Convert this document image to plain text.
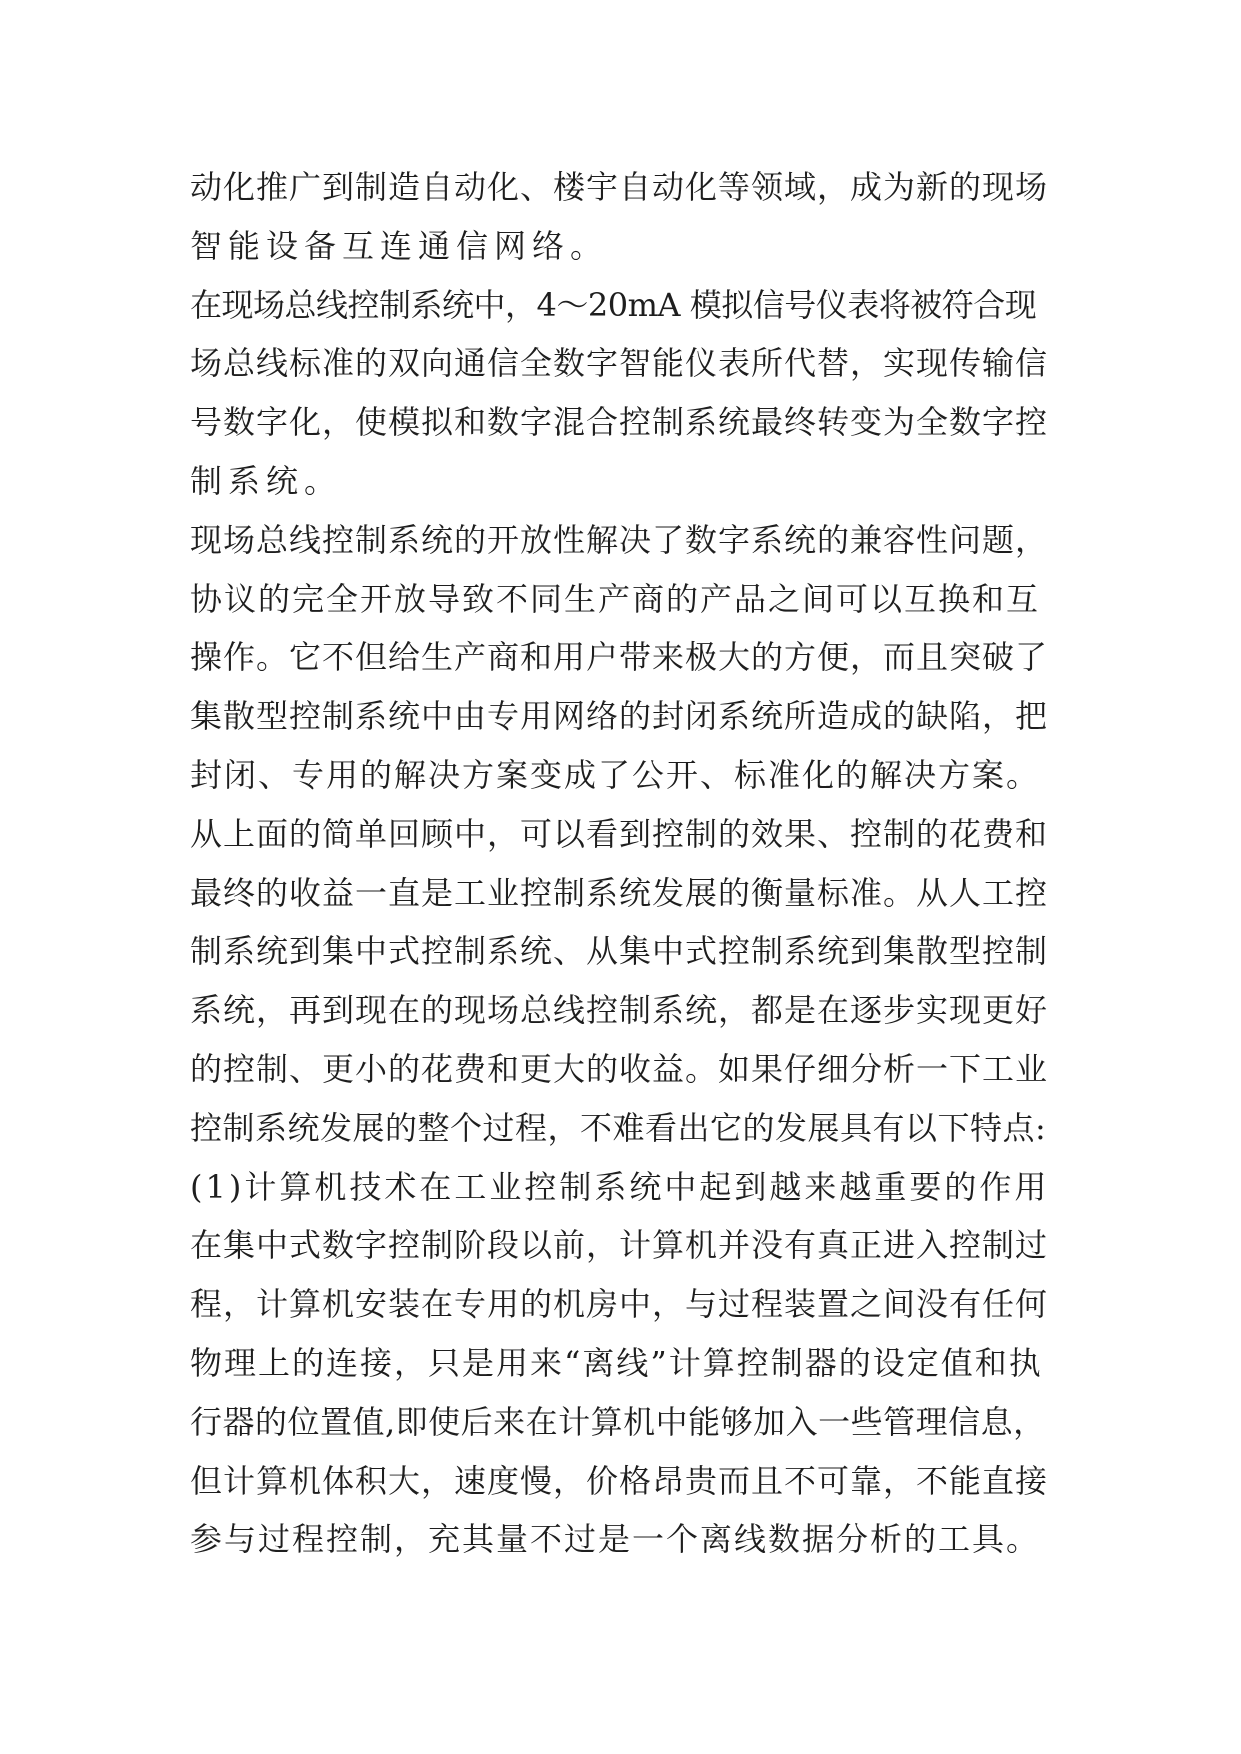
动化推广到制造自动化、楼宇自动化等领域，成为新的现场
智能设备互连通信网络。
在现场总线控制系统中，4～20mA 模拟信号仪表将被符合现
场总线标准的双向通信全数字智能仪表所代替，实现传输信
号数字化，使模拟和数字混合控制系统最终转变为全数字控
制系统。
现场总线控制系统的开放性解决了数字系统的兼容性问题，
协议的完全开放导致不同生产商的产品之间可以互换和互
操作。它不但给生产商和用户带来极大的方便，而且突破了
集散型控制系统中由专用网络的封闭系统所造成的缺陷，把
封闭、专用的解决方案变成了公开、标准化的解决方案。
从上面的简单回顾中，可以看到控制的效果、控制的花费和
最终的收益一直是工业控制系统发展的衡量标准。从人工控
制系统到集中式控制系统、从集中式控制系统到集散型控制
系统，再到现在的现场总线控制系统，都是在逐步实现更好
的控制、更小的花费和更大的收益。如果仔细分析一下工业
控制系统发展的整个过程，不难看出它的发展具有以下特点:
(1)计算机技术在工业控制系统中起到越来越重要的作用
在集中式数字控制阶段以前，计算机并没有真正进入控制过
程，计算机安装在专用的机房中，与过程装置之间没有任何
物理上的连接，只是用来“离线”计算控制器的设定值和执
行器的位置值,即使后来在计算机中能够加入一些管理信息，
但计算机体积大，速度慢，价格昂贵而且不可靠，不能直接
参与过程控制，充其量不过是一个离线数据分析的工具。
